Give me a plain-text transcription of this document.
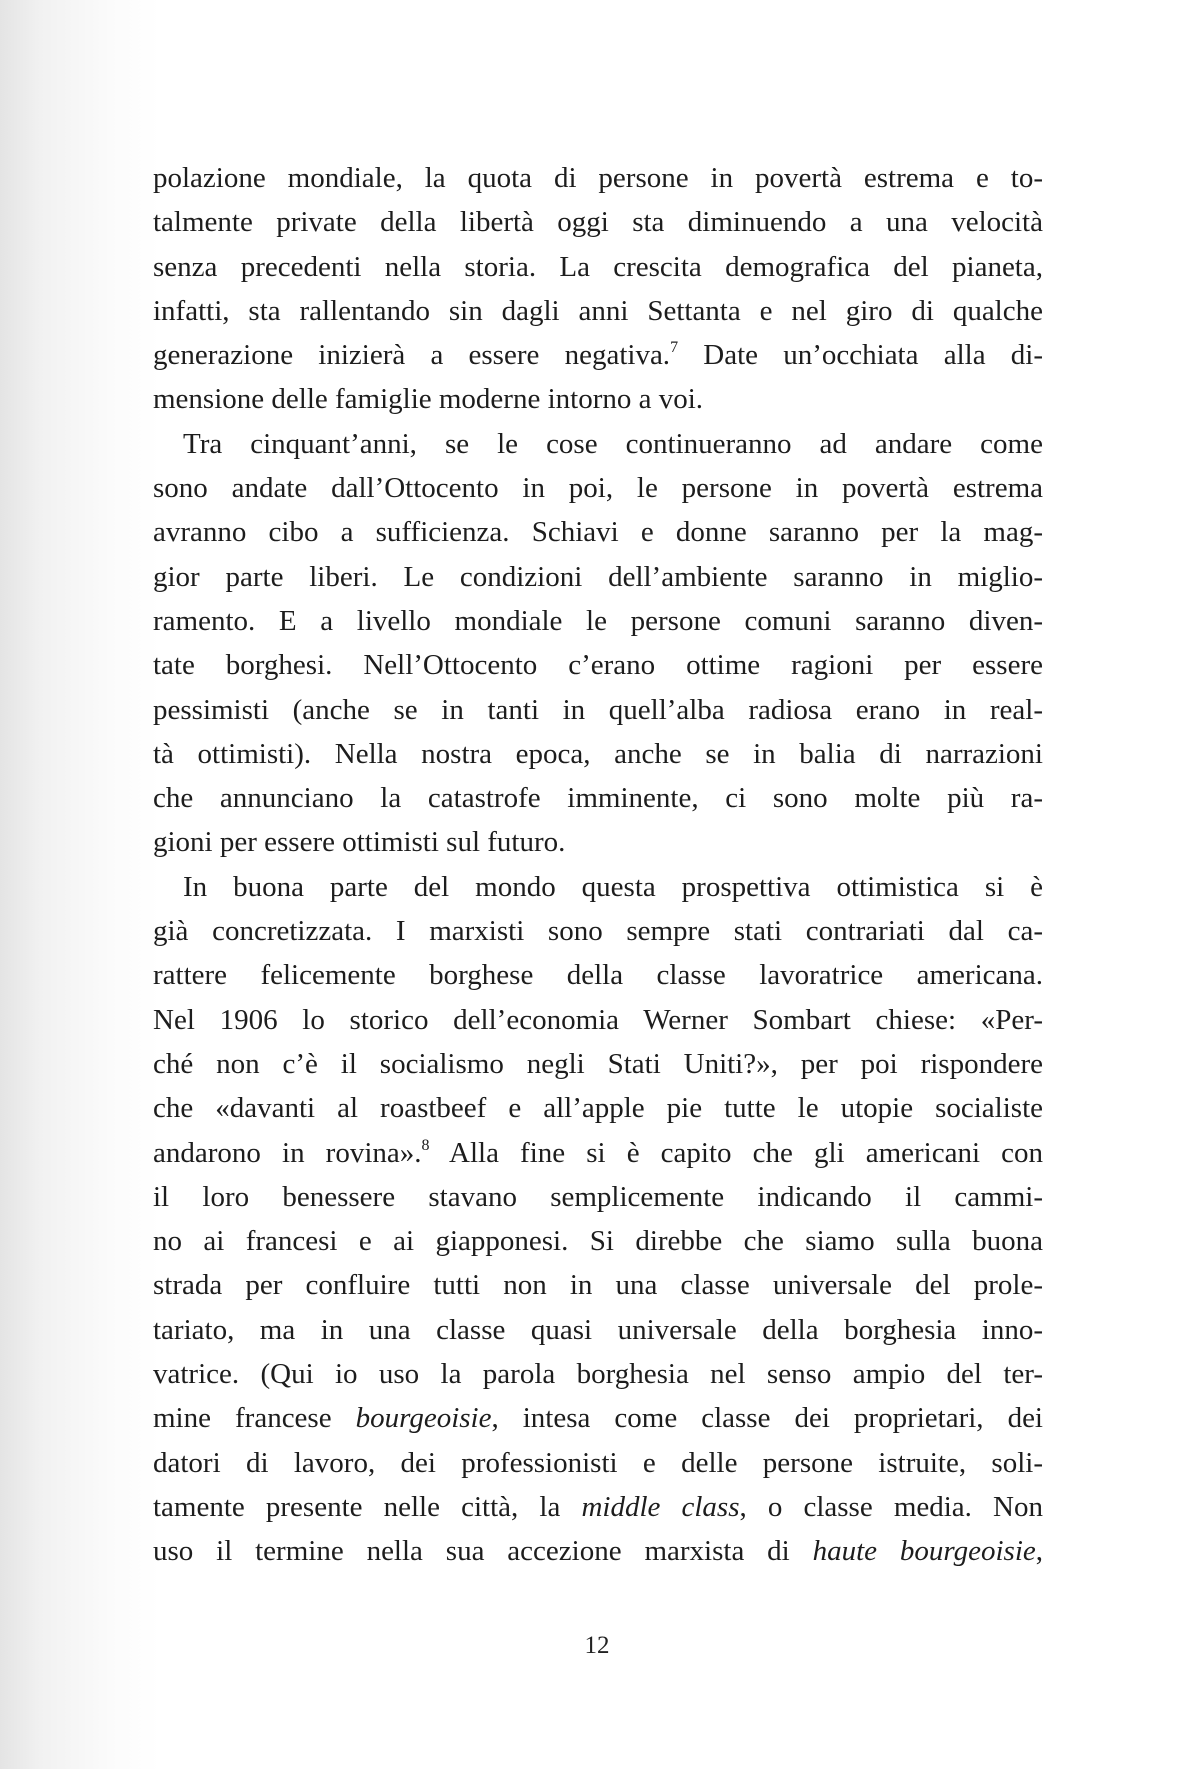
polazione mondiale, la quota di persone in povertà estrema e to-
talmente private della libertà oggi sta diminuendo a una velocità
senza precedenti nella storia. La crescita demografica del pianeta,
infatti, sta rallentando sin dagli anni Settanta e nel giro di qualche
generazione inizierà a essere negativa.$^7$ Date un’occhiata alla di-
mensione delle famiglie moderne intorno a voi.
Tra cinquant’anni, se le cose continueranno ad andare come
sono andate dall’Ottocento in poi, le persone in povertà estrema
avranno cibo a sufficienza. Schiavi e donne saranno per la mag-
gior parte liberi. Le condizioni dell’ambiente saranno in miglio-
ramento. E a livello mondiale le persone comuni saranno diven-
tate borghesi. Nell’Ottocento c’erano ottime ragioni per essere
pessimisti (anche se in tanti in quell’alba radiosa erano in real-
tà ottimisti). Nella nostra epoca, anche se in balia di narrazioni
che annunciano la catastrofe imminente, ci sono molte più ra-
gioni per essere ottimisti sul futuro.
In buona parte del mondo questa prospettiva ottimistica si è
già concretizzata. I marxisti sono sempre stati contrariati dal ca-
rattere felicemente borghese della classe lavoratrice americana.
Nel 1906 lo storico dell’economia Werner Sombart chiese: «Per-
ché non c’è il socialismo negli Stati Uniti?», per poi rispondere
che «davanti al roastbeef e all’apple pie tutte le utopie socialiste
andarono in rovina».$^8$ Alla fine si è capito che gli americani con
il loro benessere stavano semplicemente indicando il cammi-
no ai francesi e ai giapponesi. Si direbbe che siamo sulla buona
strada per confluire tutti non in una classe universale del prole-
tariato, ma in una classe quasi universale della borghesia inno-
vatrice. (Qui io uso la parola borghesia nel senso ampio del ter-
mine francese bourgeoisie, intesa come classe dei proprietari, dei
datori di lavoro, dei professionisti e delle persone istruite, soli-
tamente presente nelle città, la middle class, o classe media. Non
uso il termine nella sua accezione marxista di haute bourgeoisie,
12
